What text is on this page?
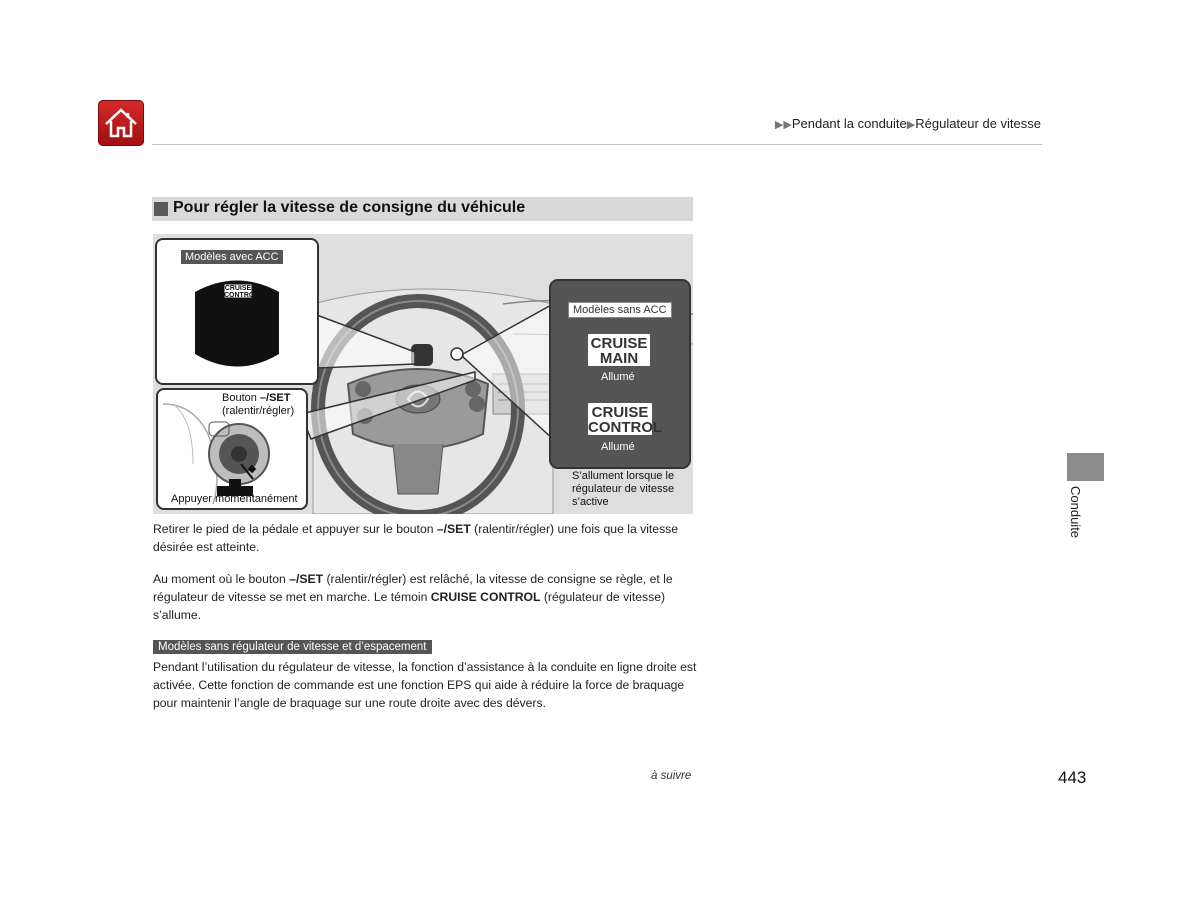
▶▶Pendant la conduite▶Régulateur de vitesse
Pour régler la vitesse de consigne du véhicule
Modèles avec ACC
CRUISE
CONTROL
Bouton –/SET
(ralentir/régler)
Appuyer momentanément
Modèles sans ACC
CRUISE
MAIN
Allumé
CRUISE
CONTROL
Allumé
S’allument lorsque le
régulateur de vitesse
s’active
Retirer le pied de la pédale et appuyer sur le bouton –/SET (ralentir/régler) une fois que la vitesse désirée est atteinte.
Au moment où le bouton –/SET (ralentir/régler) est relâché, la vitesse de consigne se règle, et le régulateur de vitesse se met en marche. Le témoin CRUISE CONTROL (régulateur de vitesse) s’allume.
Modèles sans régulateur de vitesse et d’espacement
Pendant l’utilisation du régulateur de vitesse, la fonction d’assistance à la conduite en ligne droite est activée. Cette fonction de commande est une fonction EPS qui aide à réduire la force de braquage pour maintenir l’angle de braquage sur une route droite avec des dévers.
à suivre	443
Conduite
